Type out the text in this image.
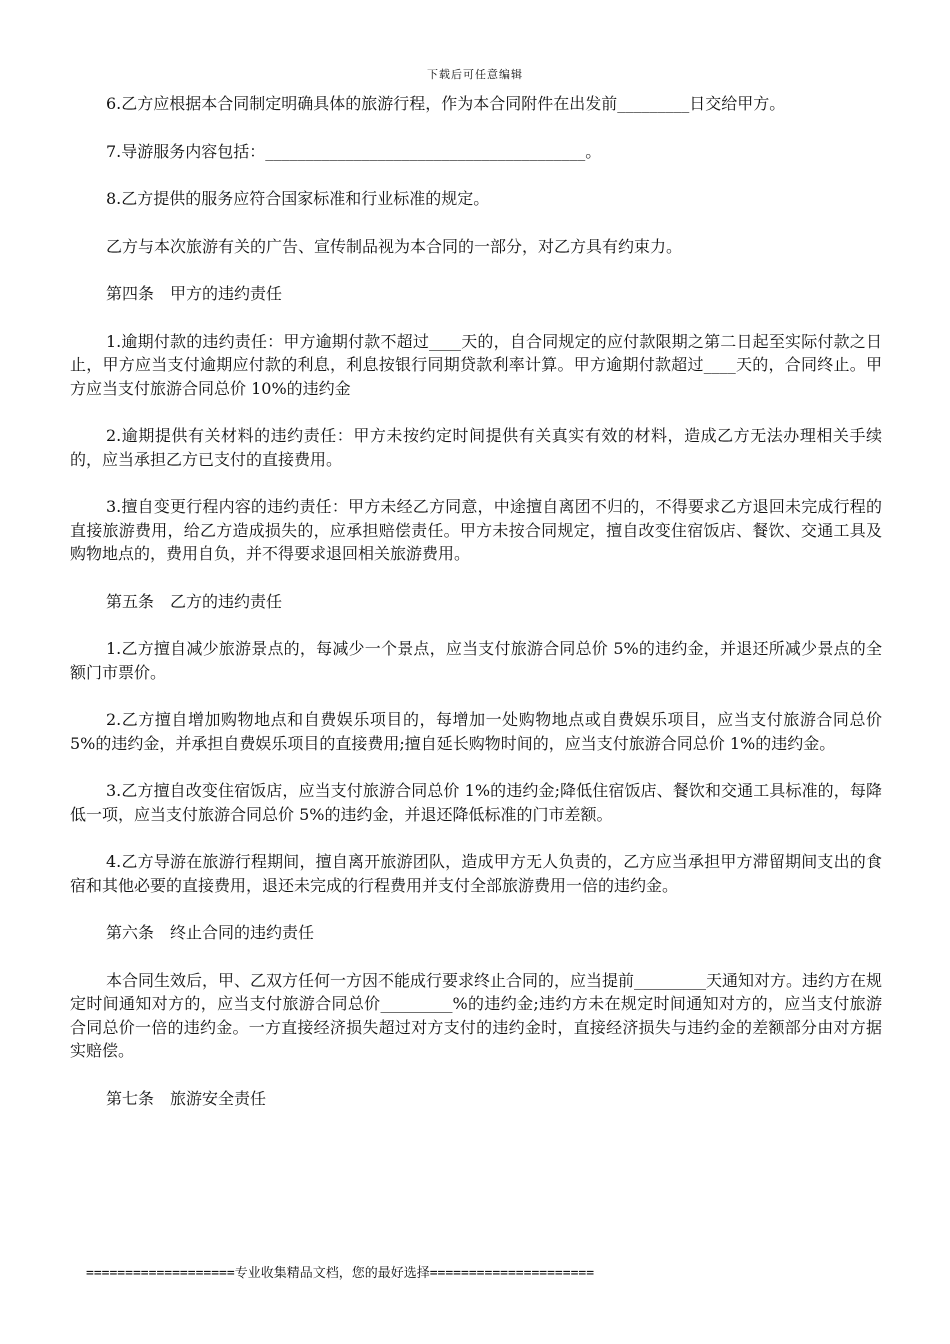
下载后可任意编辑

6.乙方应根据本合同制定明确具体的旅游行程，作为本合同附件在出发前_________日交给甲方。

7.导游服务内容包括：________________________________________。

8.乙方提供的服务应符合国家标准和行业标准的规定。

乙方与本次旅游有关的广告、宣传制品视为本合同的一部分，对乙方具有约束力。

第四条　甲方的违约责任

1.逾期付款的违约责任：甲方逾期付款不超过____天的，自合同规定的应付款限期之第二日起至实际付款之日止，甲方应当支付逾期应付款的利息，利息按银行同期贷款利率计算。甲方逾期付款超过____天的，合同终止。甲方应当支付旅游合同总价 10%的违约金

2.逾期提供有关材料的违约责任：甲方未按约定时间提供有关真实有效的材料，造成乙方无法办理相关手续的，应当承担乙方已支付的直接费用。

3.擅自变更行程内容的违约责任：甲方未经乙方同意，中途擅自离团不归的，不得要求乙方退回未完成行程的直接旅游费用，给乙方造成损失的，应承担赔偿责任。甲方未按合同规定，擅自改变住宿饭店、餐饮、交通工具及购物地点的，费用自负，并不得要求退回相关旅游费用。

第五条　乙方的违约责任

1.乙方擅自减少旅游景点的，每减少一个景点，应当支付旅游合同总价 5%的违约金，并退还所减少景点的全额门市票价。

2.乙方擅自增加购物地点和自费娱乐项目的，每增加一处购物地点或自费娱乐项目，应当支付旅游合同总价 5%的违约金，并承担自费娱乐项目的直接费用;擅自延长购物时间的，应当支付旅游合同总价 1%的违约金。

3.乙方擅自改变住宿饭店，应当支付旅游合同总价 1%的违约金;降低住宿饭店、餐饮和交通工具标准的，每降低一项，应当支付旅游合同总价 5%的违约金，并退还降低标准的门市差额。

4.乙方导游在旅游行程期间，擅自离开旅游团队，造成甲方无人负责的，乙方应当承担甲方滞留期间支出的食宿和其他必要的直接费用，退还未完成的行程费用并支付全部旅游费用一倍的违约金。

第六条　终止合同的违约责任

本合同生效后，甲、乙双方任何一方因不能成行要求终止合同的，应当提前_________天通知对方。违约方在规定时间通知对方的，应当支付旅游合同总价_________%的违约金;违约方未在规定时间通知对方的，应当支付旅游合同总价一倍的违约金。一方直接经济损失超过对方支付的违约金时，直接经济损失与违约金的差额部分由对方据实赔偿。

第七条　旅游安全责任

===================专业收集精品文档，您的最好选择=====================
